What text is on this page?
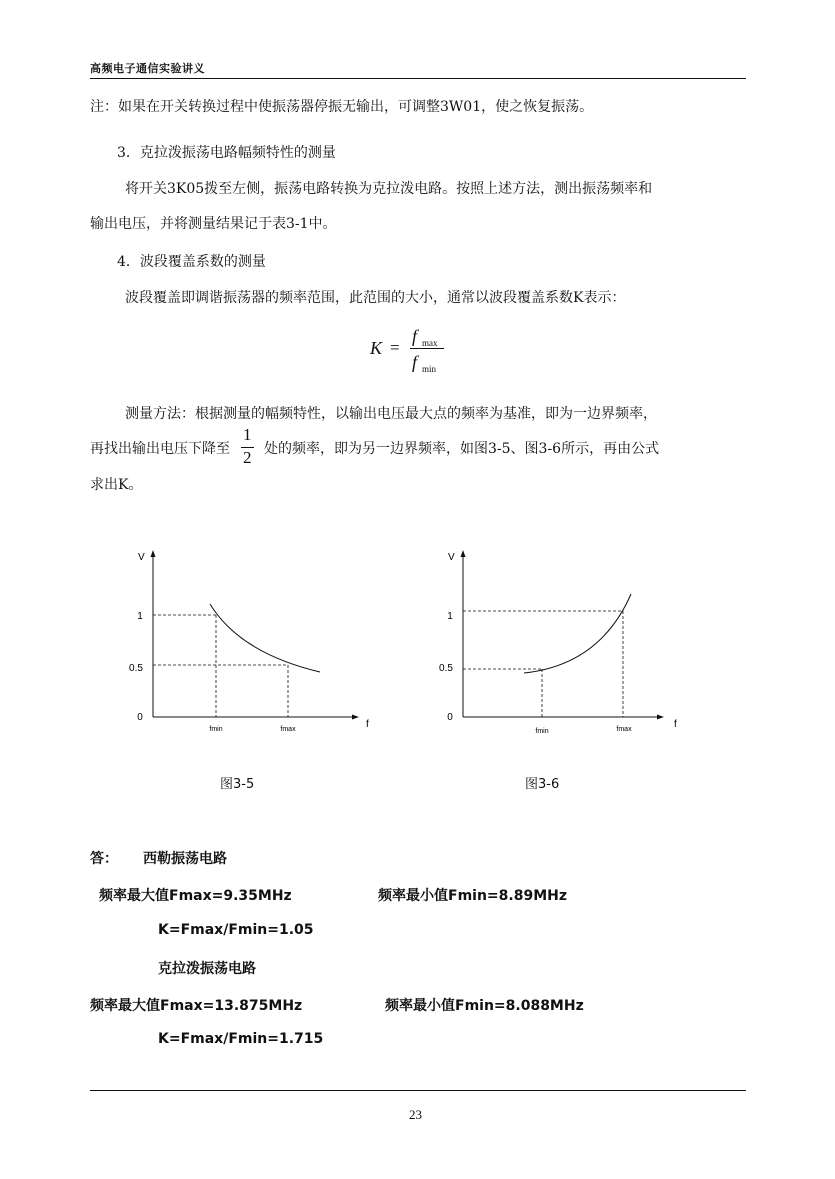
高频电子通信实验讲义
注：如果在开关转换过程中使振荡器停振无输出，可调整3W01，使之恢复振荡。
3．克拉泼振荡电路幅频特性的测量
将开关3K05拨至左侧，振荡电路转换为克拉泼电路。按照上述方法，测出振荡频率和
输出电压，并将测量结果记于表3-1中。
4．波段覆盖系数的测量
波段覆盖即调谐振荡器的频率范围，此范围的大小，通常以波段覆盖系数K表示：
K =
f max
f min
测量方法：根据测量的幅频特性，以输出电压最大点的频率为基准，即为一边界频率，
再找出输出电压下降至
1
2 处的频率，即为另一边界频率，如图3-5、图3-6所示，再由公式
求出K。
V
f
1
0.5
0
fmin	fmax
图3-5
V
f
1
0.5
0
fmin	fmax
图3-6
答： 西勒振荡电路
频率最大值Fmax=9.35MHz	频率最小值Fmin=8.89MHz
K=Fmax/Fmin=1.05
克拉泼振荡电路
频率最大值Fmax=13.875MHz	频率最小值Fmin=8.088MHz
K=Fmax/Fmin=1.715
23
